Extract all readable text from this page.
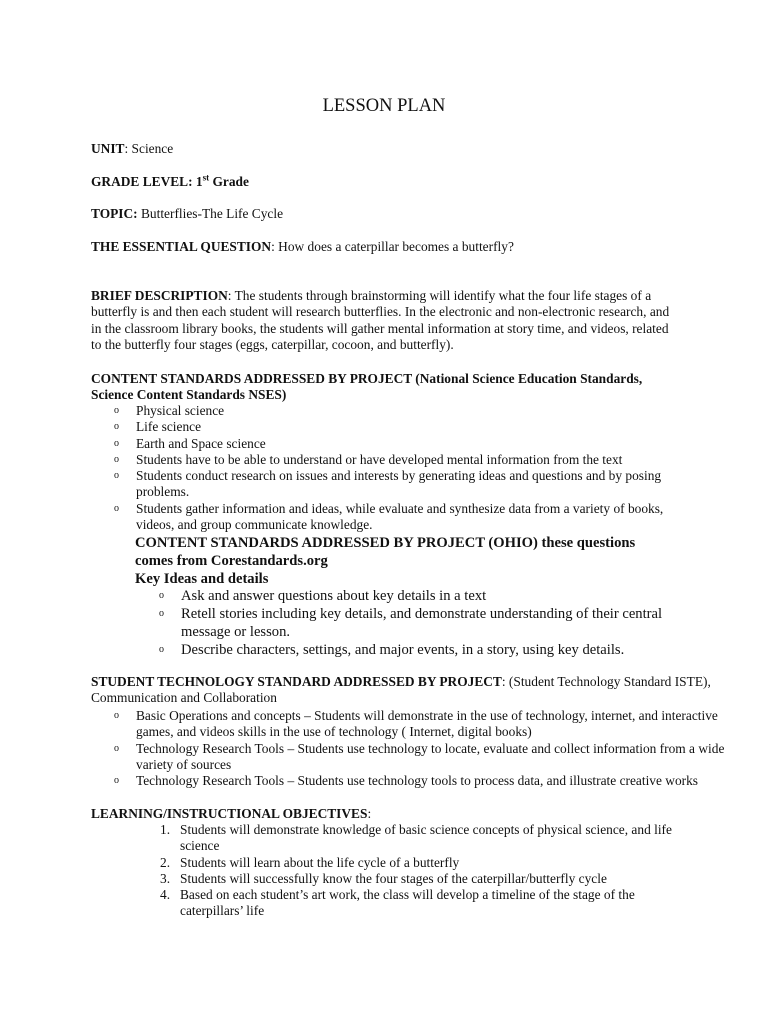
LESSON PLAN

UNIT: Science

GRADE LEVEL: 1st Grade

TOPIC: Butterflies-The Life Cycle

THE ESSENTIAL QUESTION: How does a caterpillar becomes a butterfly?

BRIEF DESCRIPTION: The students through brainstorming will identify what the four life stages of a butterfly is and then each student will research butterflies. In the electronic and non-electronic research, and in the classroom library books, the students will gather mental information at story time, and videos, related to the butterfly four stages (eggs, caterpillar, cocoon, and butterfly).

CONTENT STANDARDS ADDRESSED BY PROJECT (National Science Education Standards, Science Content Standards NSES)

o Physical science
o Life science
o Earth and Space science
o Students have to be able to understand or have developed mental information from the text
o Students conduct research on issues and interests by generating ideas and questions and by posing problems.
o Students gather information and ideas, while evaluate and synthesize data from a variety of books, videos, and group communicate knowledge.

CONTENT STANDARDS ADDRESSED BY PROJECT (OHIO) these questions comes from Corestandards.org

Key Ideas and details

o Ask and answer questions about key details in a text
o Retell stories including key details, and demonstrate understanding of their central message or lesson.
o Describe characters, settings, and major events, in a story, using key details.

STUDENT TECHNOLOGY STANDARD ADDRESSED BY PROJECT: (Student Technology Standard ISTE), Communication and Collaboration

o Basic Operations and concepts – Students will demonstrate in the use of technology, internet, and interactive games, and videos skills in the use of technology ( Internet, digital books)
o Technology Research Tools – Students use technology to locate, evaluate and collect information from a wide variety of sources
o Technology Research Tools – Students use technology tools to process data, and illustrate creative works

LEARNING/INSTRUCTIONAL OBJECTIVES:

1. Students will demonstrate knowledge of basic science concepts of physical science, and life science
2. Students will learn about the life cycle of a butterfly
3. Students will successfully know the four stages of the caterpillar/butterfly cycle
4. Based on each student’s art work, the class will develop a timeline of the stage of the caterpillars’ life
